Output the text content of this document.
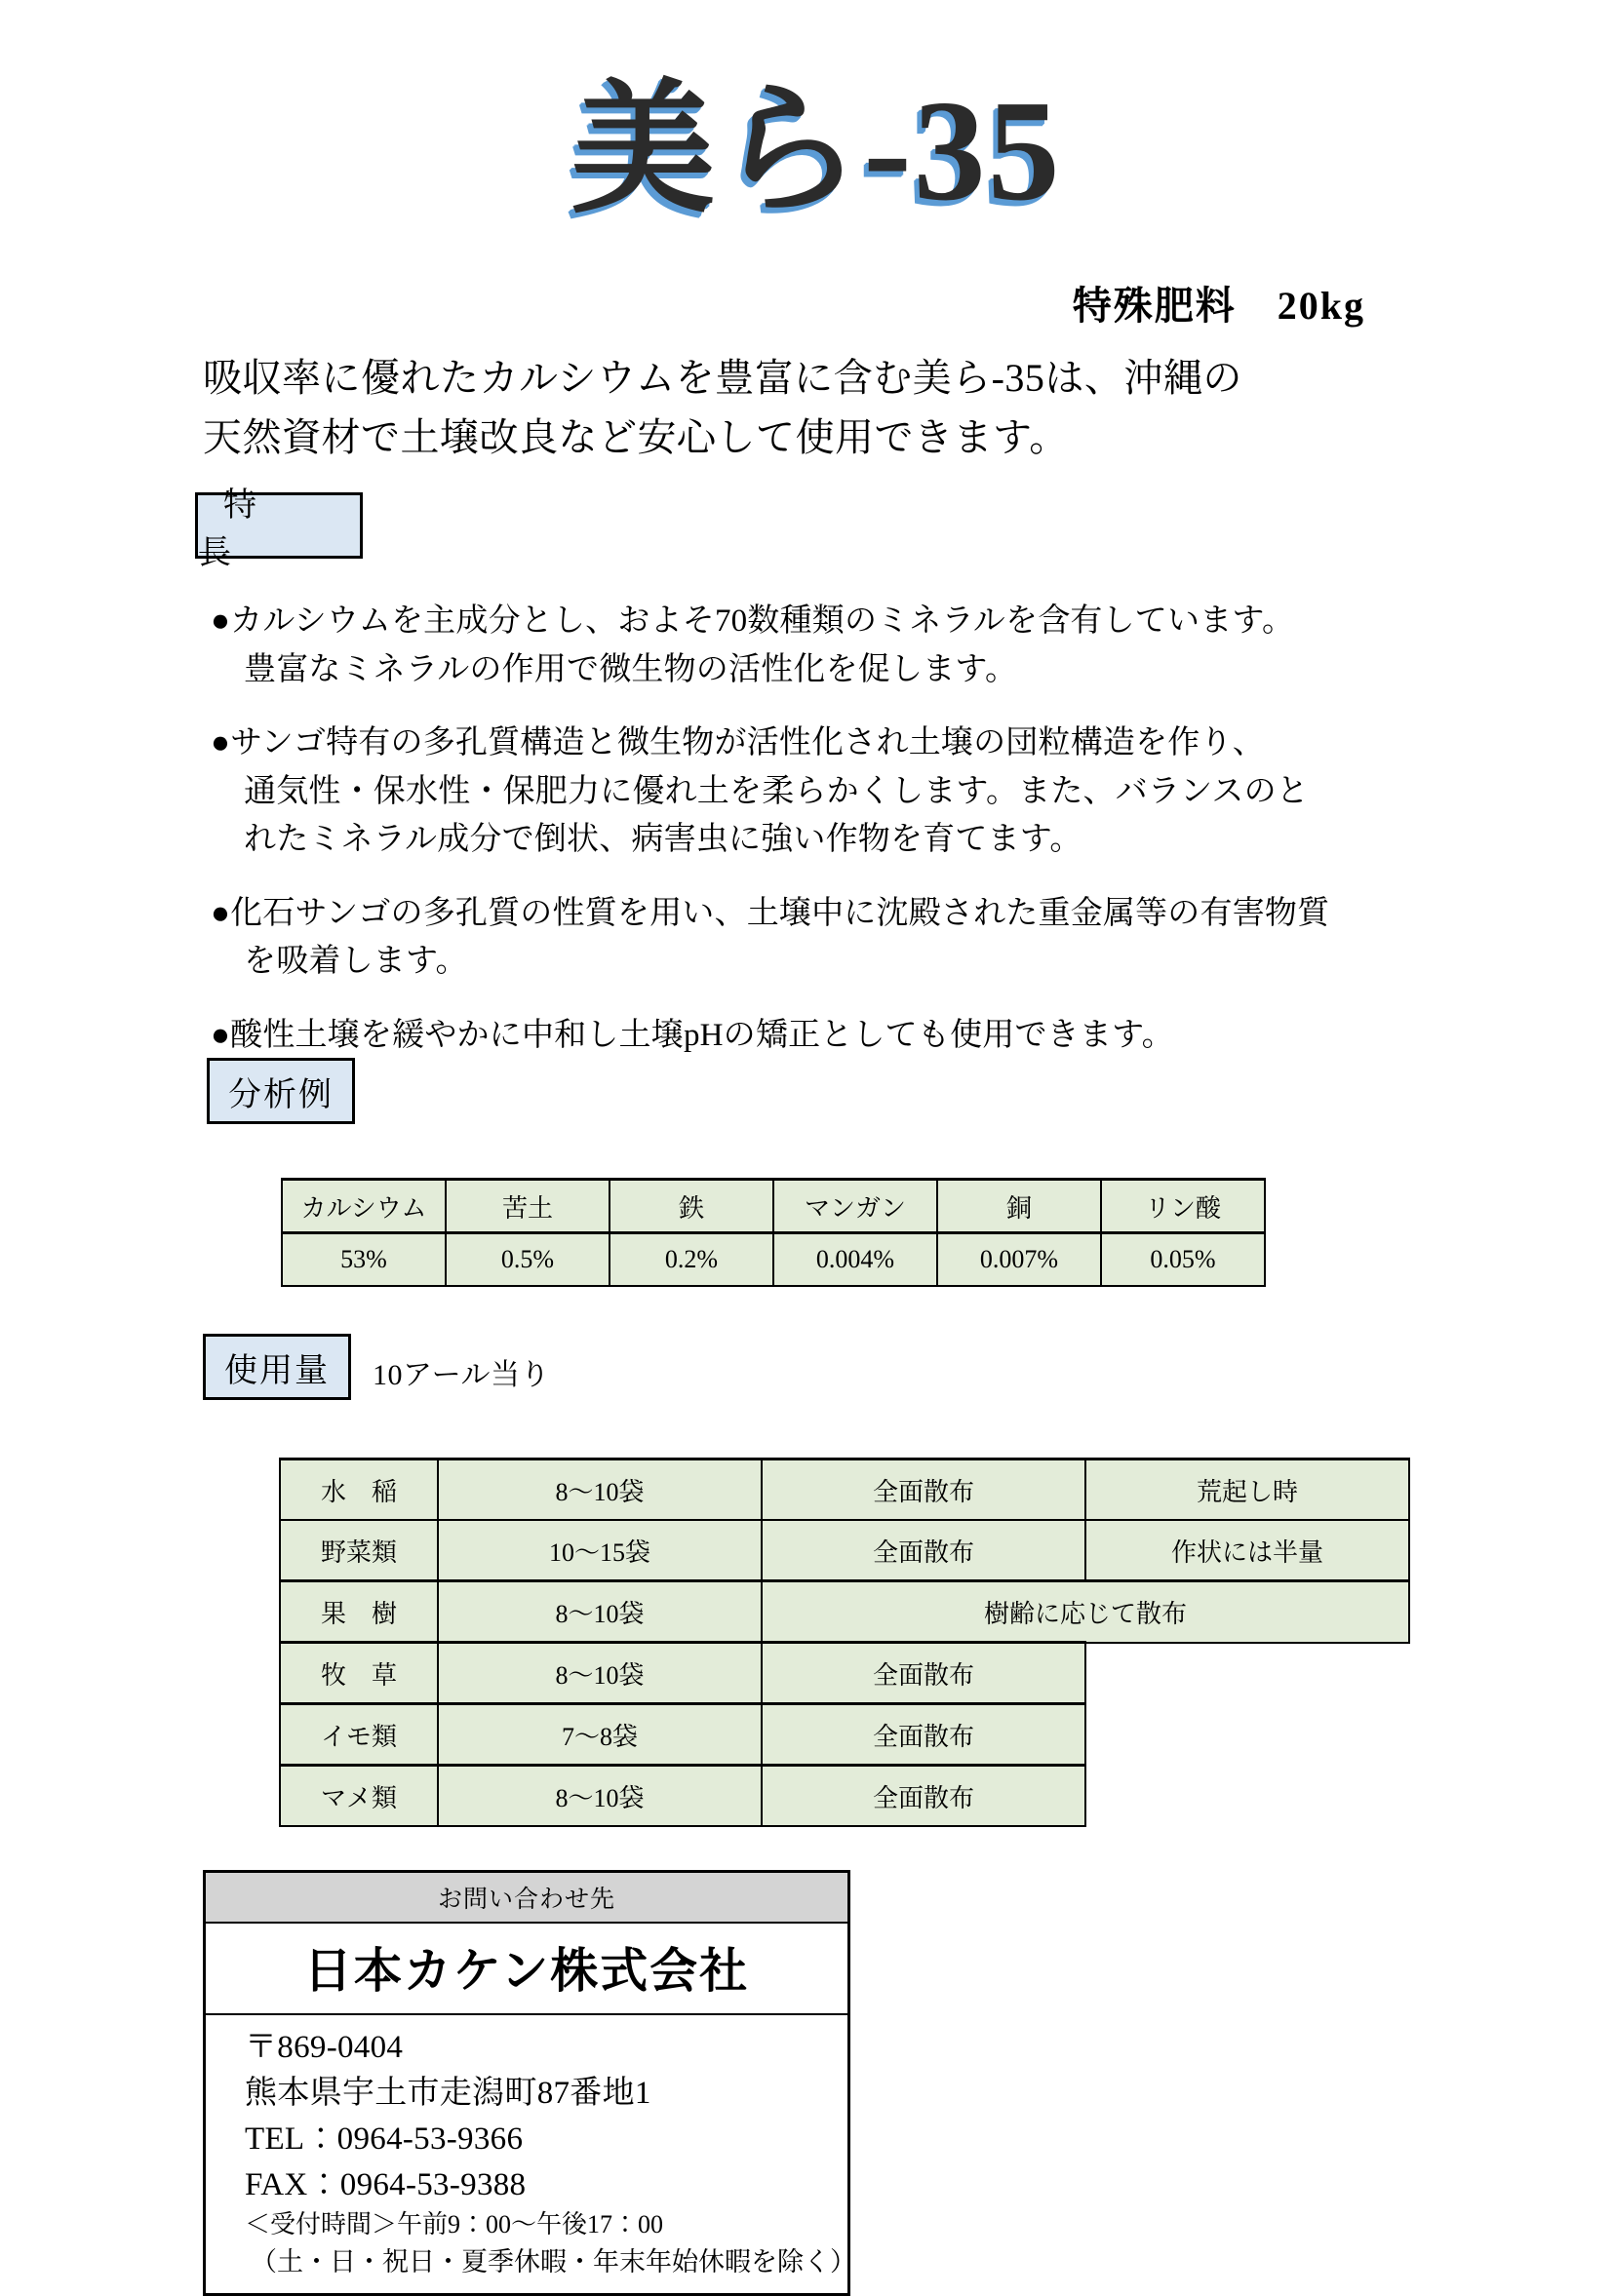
美ら-35
特殊肥料　20kg
吸収率に優れたカルシウムを豊富に含む美ら-35は、沖縄の
天然資材で土壌改良など安心して使用できます。
特　長
●カルシウムを主成分とし、およそ70数種類のミネラルを含有しています。
豊富なミネラルの作用で微生物の活性化を促します。
●サンゴ特有の多孔質構造と微生物が活性化され土壌の団粒構造を作り、
通気性・保水性・保肥力に優れ土を柔らかくします。また、バランスのと
れたミネラル成分で倒状、病害虫に強い作物を育てます。
●化石サンゴの多孔質の性質を用い、土壌中に沈殿された重金属等の有害物質
を吸着します。
●酸性土壌を緩やかに中和し土壌pHの矯正としても使用できます。
分析例
カルシウム	苦土	鉄	マンガン	銅	リン酸
53%	0.5%	0.2%	0.004%	0.007%	0.05%
使用量 10アール当り
水　稲	8～10袋	全面散布	荒起し時
野菜類	10～15袋	全面散布	作状には半量
果　樹	8～10袋	樹齢に応じて散布	
牧　草	8～10袋	全面散布	
イモ類	7～8袋	全面散布	
マメ類	8～10袋	全面散布	
お問い合わせ先
日本カケン株式会社
〒869-0404
熊本県宇土市走潟町87番地1
TEL：0964-53-9366
FAX：0964-53-9388
＜受付時間＞午前9：00～午後17：00
（土・日・祝日・夏季休暇・年末年始休暇を除く）
